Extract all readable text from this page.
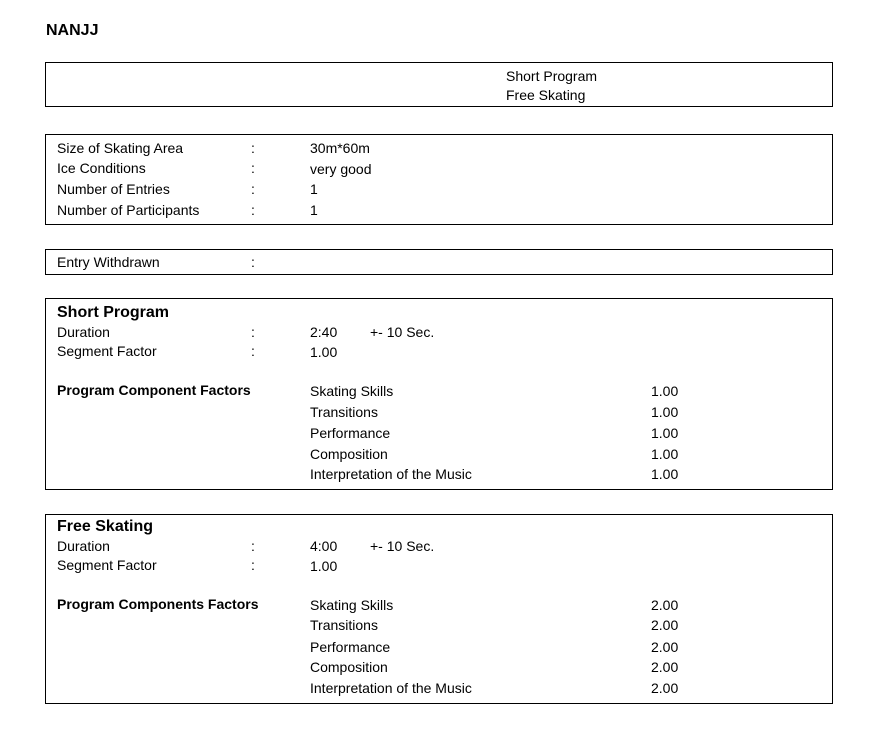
NANJJ
Short Program
Free Skating
Size of Skating Area	:	30m*60m
Ice Conditions	:	very good
Number of Entries	:	1
Number of Participants	:	1
Entry Withdrawn	:
Short Program
Duration	:	2:40 +- 10 Sec.
Segment Factor	:	1.00
Program Component Factors	Skating Skills	1.00
Transitions	1.00
Performance	1.00
Composition	1.00
Interpretation of the Music	1.00
Free Skating
Duration	:	4:00 +- 10 Sec.
Segment Factor	:	1.00
Program Components Factors	Skating Skills	2.00
Transitions	2.00
Performance	2.00
Composition	2.00
Interpretation of the Music	2.00
